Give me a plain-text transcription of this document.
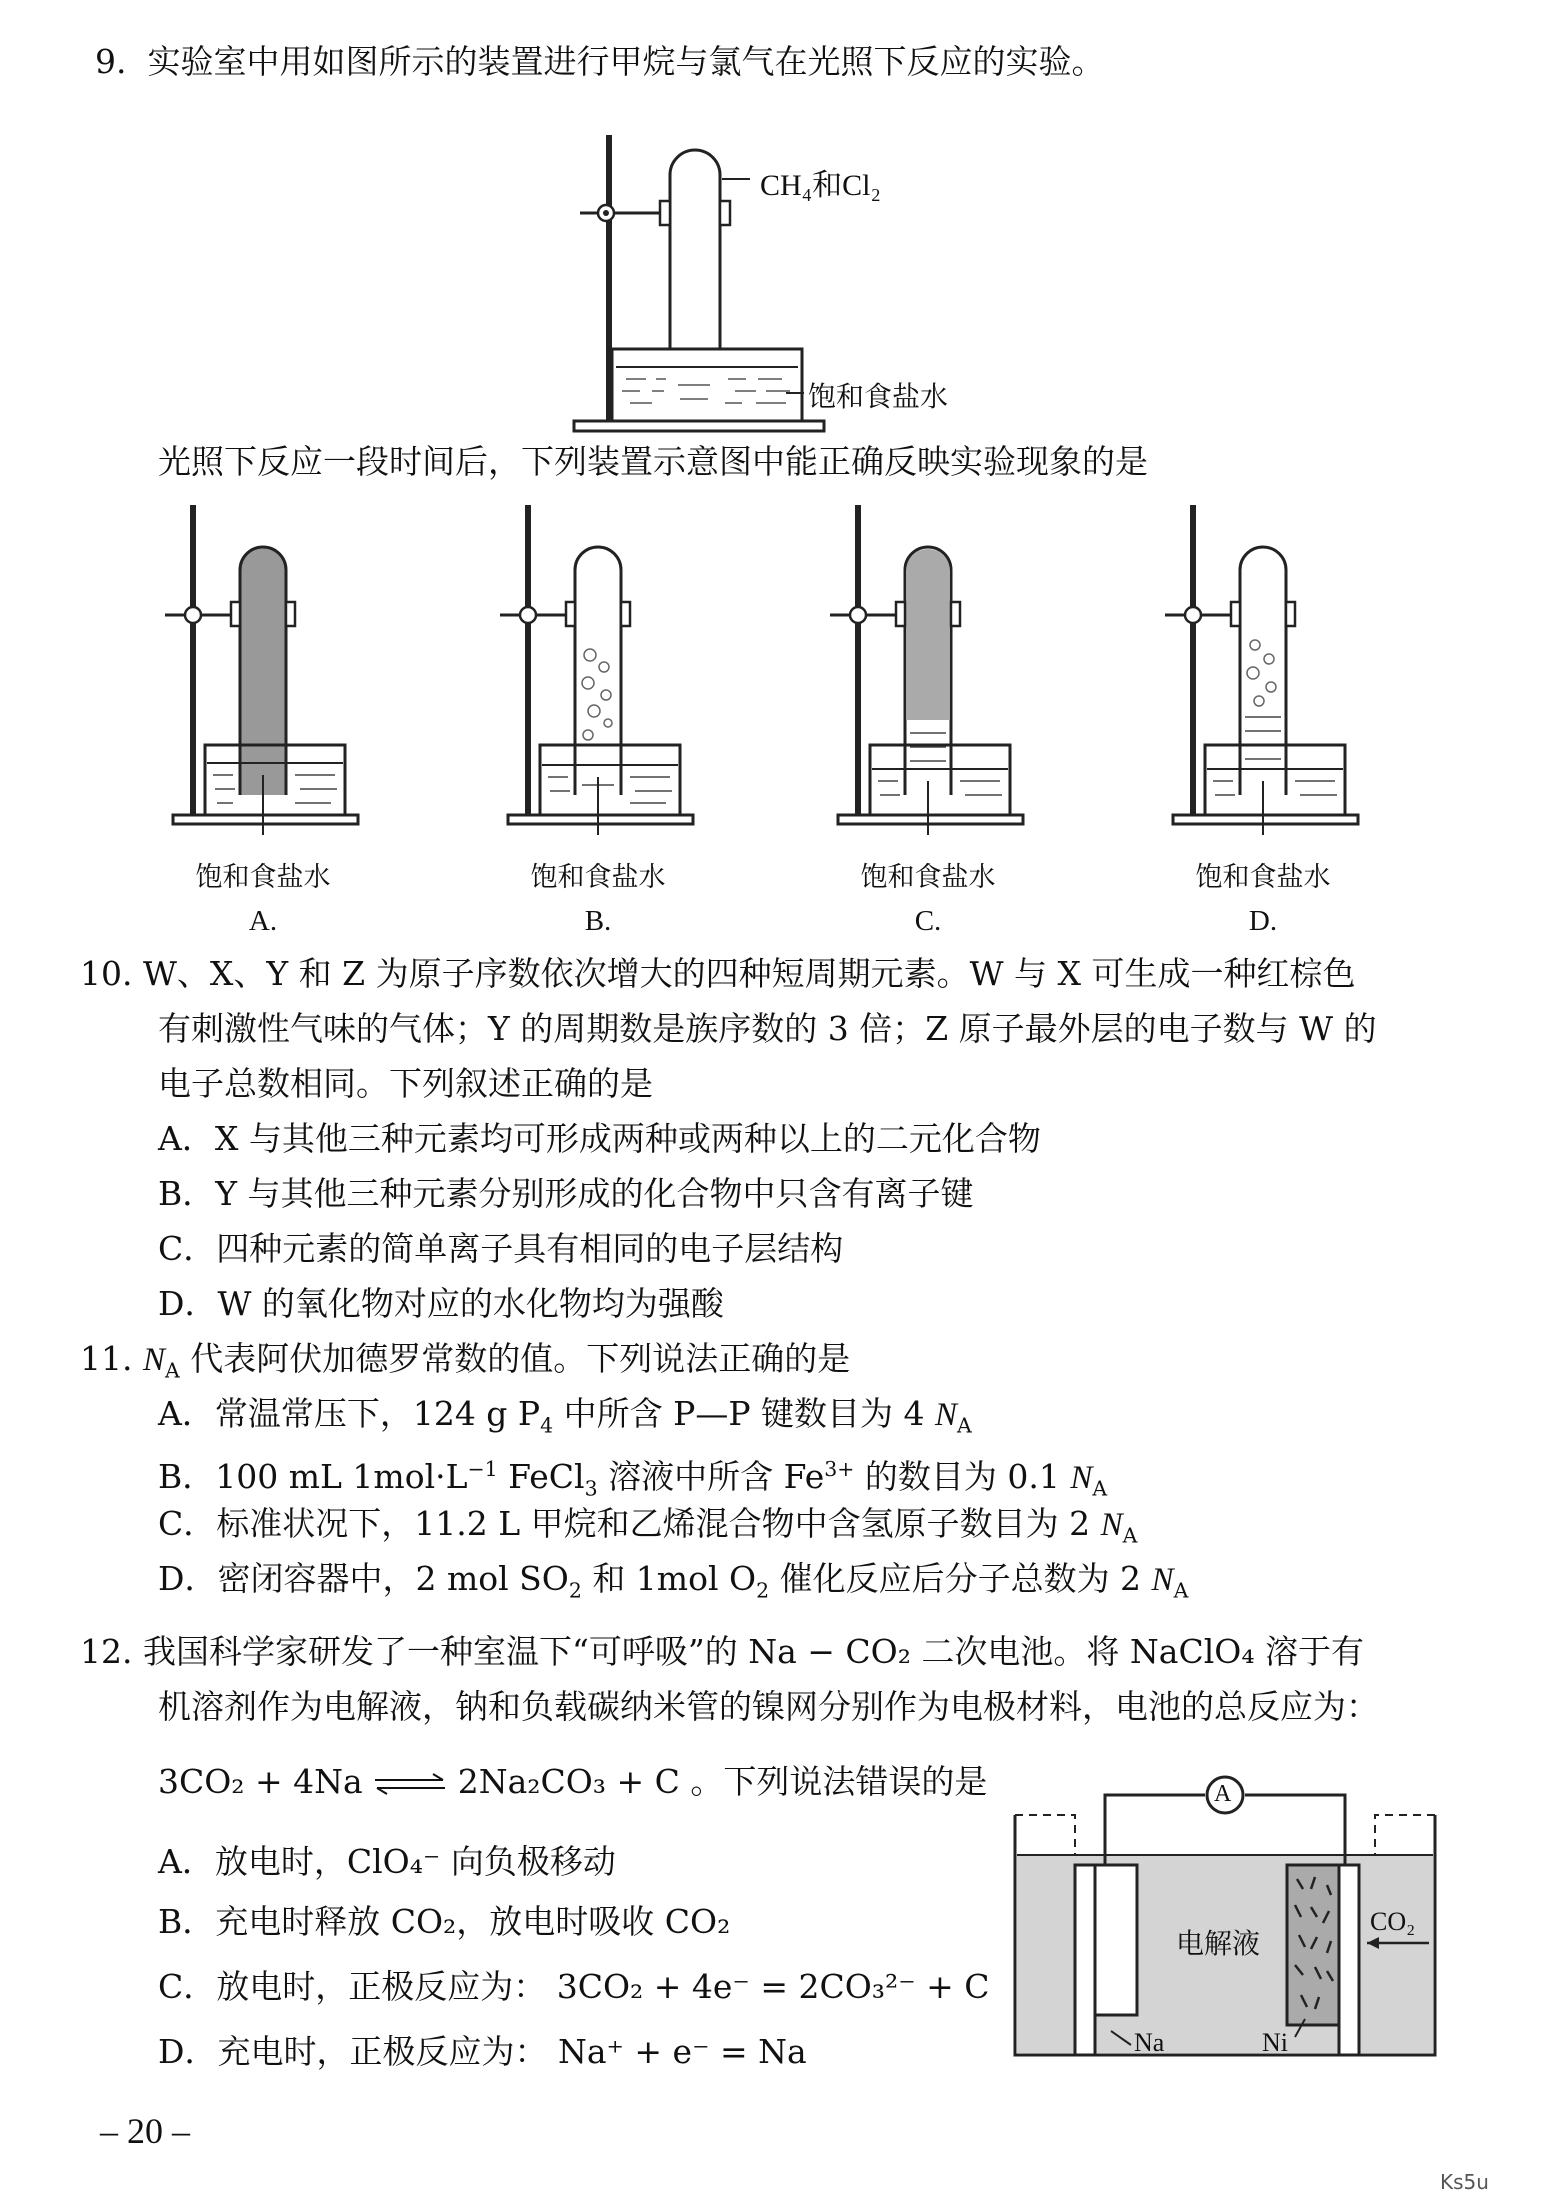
9. 实验室中用如图所示的装置进行甲烷与氯气在光照下反应的实验。
CH₄和Cl₂
饱和食盐水
光照下反应一段时间后，下列装置示意图中能正确反映实验现象的是
饱和食盐水	饱和食盐水	饱和食盐水	饱和食盐水
A.	B.	C.	D.
10. W、X、Y 和 Z 为原子序数依次增大的四种短周期元素。W 与 X 可生成一种红棕色
有刺激性气味的气体；Y 的周期数是族序数的 3 倍；Z 原子最外层的电子数与 W 的
电子总数相同。下列叙述正确的是
A．X 与其他三种元素均可形成两种或两种以上的二元化合物
B．Y 与其他三种元素分别形成的化合物中只含有离子键
C．四种元素的简单离子具有相同的电子层结构
D．W 的氧化物对应的水化物均为强酸
11. $N_A$ 代表阿伏加德罗常数的值。下列说法正确的是
A．常温常压下，124 g $P_4$ 中所含 P—P 键数目为 4 $N_A$
B．100 mL $1mol\cdot L^{-1}$ FeCl$_3$ 溶液中所含 $Fe^{3+}$ 的数目为 0.1 $N_A$
C．标准状况下，11.2 L 甲烷和乙烯混合物中含氢原子数目为 2 $N_A$
D．密闭容器中，2 mol $SO_2$ 和 1mol $O_2$ 催化反应后分子总数为 2 $N_A$
12. 我国科学家研发了一种室温下“可呼吸”的 Na − CO₂ 二次电池。将 NaClO₄ 溶于有
机溶剂作为电解液，钠和负载碳纳米管的镍网分别作为电极材料，电池的总反应为：
3CO₂ + 4Na	2Na₂CO₃ + C 。下列说法错误的是
A．放电时，ClO₄⁻ 向负极移动
B．充电时释放 CO₂，放电时吸收 CO₂
C．放电时，正极反应为： 3CO₂ + 4e⁻ = 2CO₃²⁻ + C
D．充电时，正极反应为： Na⁺ + e⁻ = Na
A
电解液
CO₂
Na	Ni
– 20 –
Ks5u
